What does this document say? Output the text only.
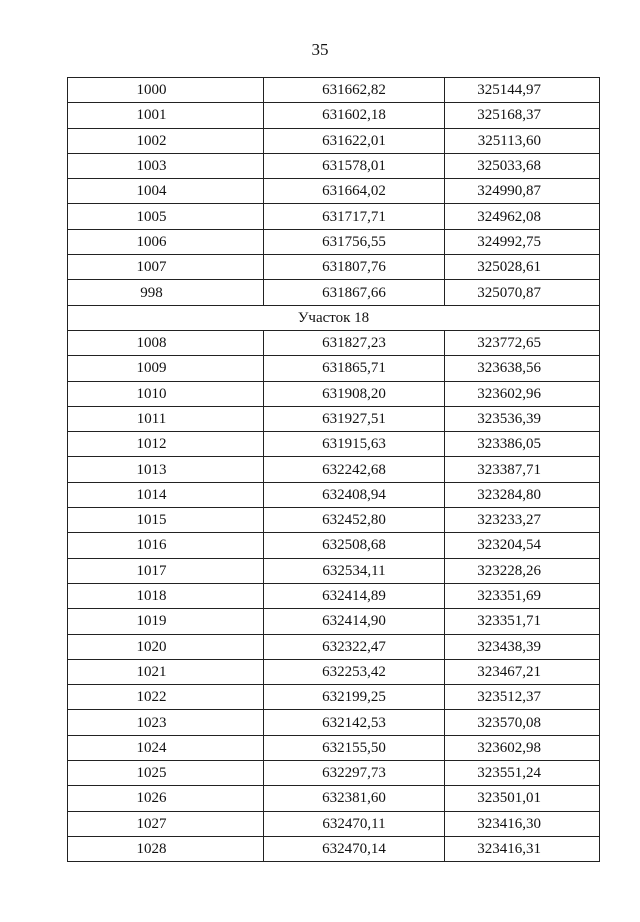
35
1000	631662,82	325144,97
1001	631602,18	325168,37
1002	631622,01	325113,60
1003	631578,01	325033,68
1004	631664,02	324990,87
1005	631717,71	324962,08
1006	631756,55	324992,75
1007	631807,76	325028,61
998	631867,66	325070,87
Участок 18		
1008	631827,23	323772,65
1009	631865,71	323638,56
1010	631908,20	323602,96
1011	631927,51	323536,39
1012	631915,63	323386,05
1013	632242,68	323387,71
1014	632408,94	323284,80
1015	632452,80	323233,27
1016	632508,68	323204,54
1017	632534,11	323228,26
1018	632414,89	323351,69
1019	632414,90	323351,71
1020	632322,47	323438,39
1021	632253,42	323467,21
1022	632199,25	323512,37
1023	632142,53	323570,08
1024	632155,50	323602,98
1025	632297,73	323551,24
1026	632381,60	323501,01
1027	632470,11	323416,30
1028	632470,14	323416,31
